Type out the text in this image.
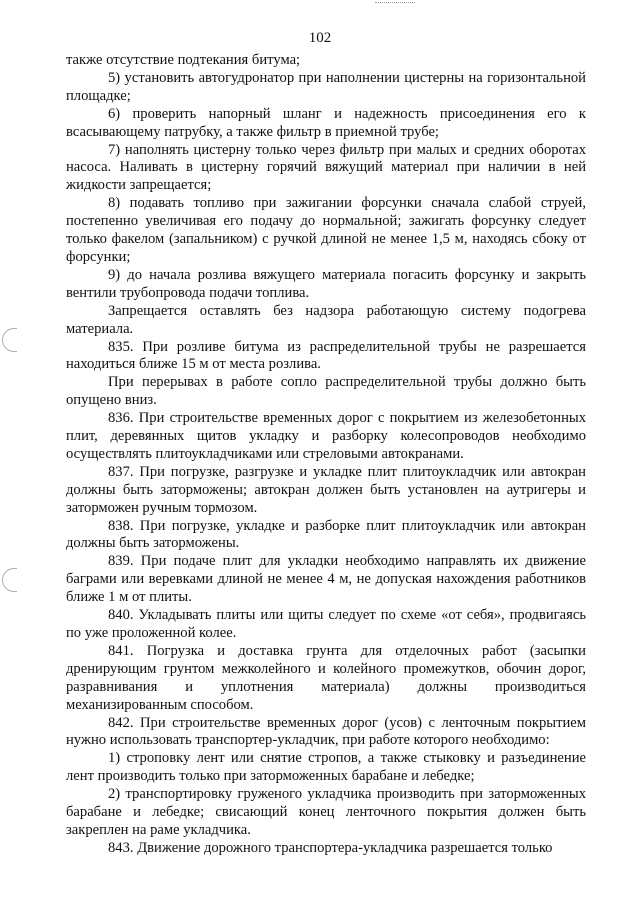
102

также отсутствие подтекания битума;

5) установить автогудронатор при наполнении цистерны на горизонтальной площадке;

6) проверить напорный шланг и надежность присоединения его к всасывающему патрубку, а также фильтр в приемной трубе;

7) наполнять цистерну только через фильтр при малых и средних оборотах насоса. Наливать в цистерну горячий вяжущий материал при наличии в ней жидкости запрещается;

8) подавать топливо при зажигании форсунки сначала слабой струей, постепенно увеличивая его подачу до нормальной; зажигать форсунку следует только факелом (запальником) с ручкой длиной не менее 1,5 м, находясь сбоку от форсунки;

9) до начала розлива вяжущего материала погасить форсунку и закрыть вентили трубопровода подачи топлива.

Запрещается оставлять без надзора работающую систему подогрева материала.

835. При розливе битума из распределительной трубы не разрешается находиться ближе 15 м от места розлива.

При перерывах в работе сопло распределительной трубы должно быть опущено вниз.

836. При строительстве временных дорог с покрытием из железобетонных плит, деревянных щитов укладку и разборку колесопроводов необходимо осуществлять плитоукладчиками или стреловыми автокранами.

837. При погрузке, разгрузке и укладке плит плитоукладчик или автокран должны быть заторможены; автокран должен быть установлен на аутригеры и заторможен ручным тормозом.

838. При погрузке, укладке и разборке плит плитоукладчик или автокран должны быть заторможены.

839. При подаче плит для укладки необходимо направлять их движение баграми или веревками длиной не менее 4 м, не допуская нахождения работников ближе 1 м от плиты.

840. Укладывать плиты или щиты следует по схеме «от себя», продвигаясь по уже проложенной колее.

841. Погрузка и доставка грунта для отделочных работ (засыпки дренирующим грунтом межколейного и колейного промежутков, обочин дорог, разравнивания и уплотнения материала) должны производиться механизированным способом.

842. При строительстве временных дорог (усов) с ленточным покрытием нужно использовать транспортер-укладчик, при работе которого необходимо:

1) строповку лент или снятие стропов, а также стыковку и разъединение лент производить только при заторможенных барабане и лебедке;

2) транспортировку груженого укладчика производить при заторможенных барабане и лебедке; свисающий конец ленточного покрытия должен быть закреплен на раме укладчика.

843. Движение дорожного транспортера-укладчика разрешается только
